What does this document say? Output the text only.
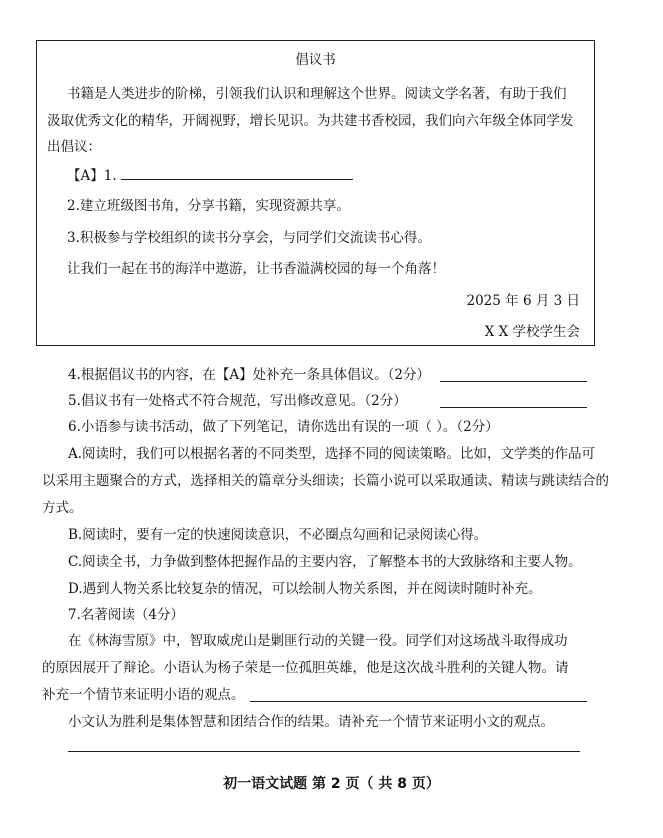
倡议书
书籍是人类进步的阶梯，引领我们认识和理解这个世界。阅读文学名著，有助于我们
汲取优秀文化的精华，开阔视野，增长见识。为共建书香校园，我们向六年级全体同学发
出倡议：
【A】1.
2.建立班级图书角，分享书籍，实现资源共享。
3.积极参与学校组织的读书分享会，与同学们交流读书心得。
让我们一起在书的海洋中遨游，让书香溢满校园的每一个角落！
2025 年 6 月 3 日
X X 学校学生会
4.根据倡议书的内容，在【A】处补充一条具体倡议。（2分）
5.倡议书有一处格式不符合规范，写出修改意见。（2分）
6.小语参与读书活动，做了下列笔记，请你选出有误的一项（ ）。（2分）
A.阅读时，我们可以根据名著的不同类型，选择不同的阅读策略。比如，文学类的作品可
以采用主题聚合的方式，选择相关的篇章分头细读；长篇小说可以采取通读、精读与跳读结合的
方式。
B.阅读时，要有一定的快速阅读意识，不必圈点勾画和记录阅读心得。
C.阅读全书，力争做到整体把握作品的主要内容，了解整本书的大致脉络和主要人物。
D.遇到人物关系比较复杂的情况，可以绘制人物关系图，并在阅读时随时补充。
7.名著阅读（4分）
在《林海雪原》中，智取威虎山是剿匪行动的关键一役。同学们对这场战斗取得成功
的原因展开了辩论。小语认为杨子荣是一位孤胆英雄，他是这次战斗胜利的关键人物。请
补充一个情节来证明小语的观点。
小文认为胜利是集体智慧和团结合作的结果。请补充一个情节来证明小文的观点。
初一语文试题 第 2 页（ 共 8 页）
